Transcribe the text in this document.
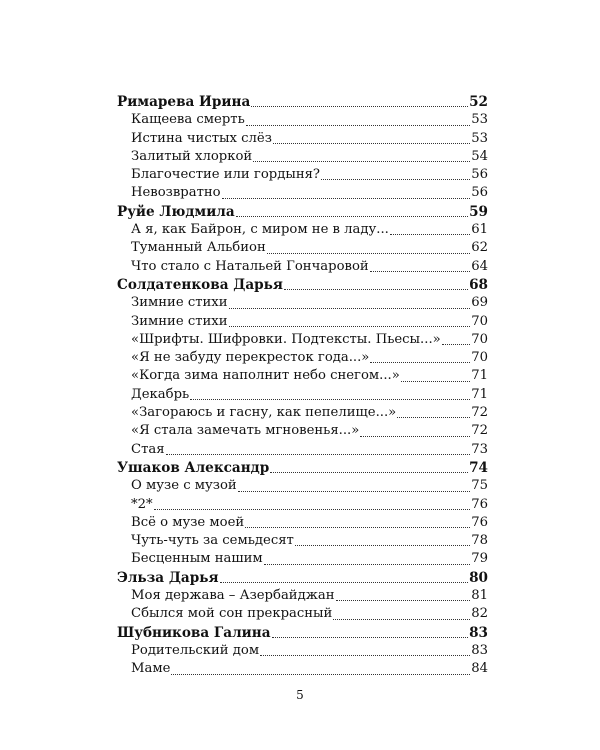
Римарева Ирина	52
Кащеева смерть	53
Истина чистых слёз	53
Залитый хлоркой	54
Благочестие или гордыня?	56
Невозвратно	56
Руйе Людмила	59
А я, как Байрон, с миром не в ладу...	61
Туманный Альбион	62
Что стало с Натальей Гончаровой	64
Солдатенкова Дарья	68
Зимние стихи	69
Зимние стихи	70
«Шрифты. Шифровки. Подтексты. Пьесы...» 70
«Я не забуду перекресток года...»	70
«Когда зима наполнит небо снегом...»	71
Декабрь	71
«Загораюсь и гасну, как пепелище...»	72
«Я стала замечать мгновенья...»	72
Стая	73
Ушаков Александр	74
О музе с музой	75
*2*	76
Всё о музе моей	76
Чуть-чуть за семьдесят	78
Бесценным нашим	79
Эльза Дарья	80
Моя держава – Азербайджан	81
Сбылся мой сон прекрасный	82
Шубникова Галина	83
Родительский дом	83
Маме	84
5
